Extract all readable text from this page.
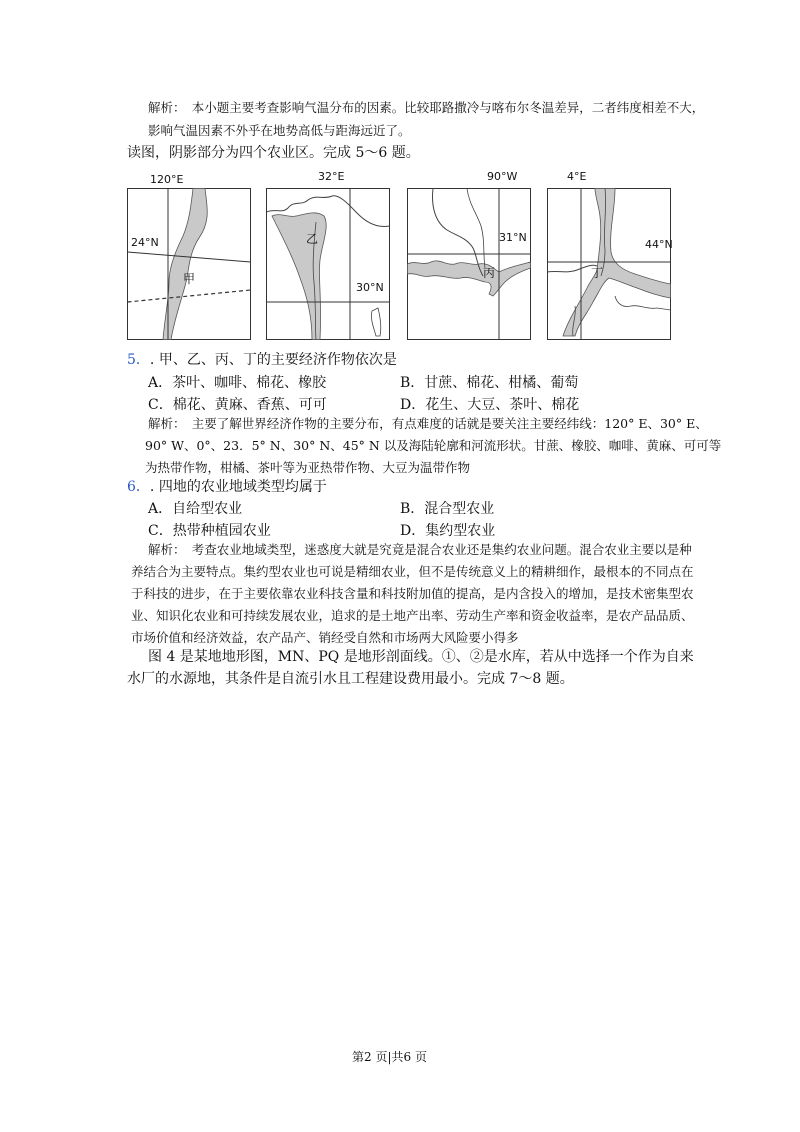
解析：　本小题主要考查影响气温分布的因素。比较耶路撒冷与喀布尔冬温差异，二者纬度相差不大，
影响气温因素不外乎在地势高低与距海远近了。
读图，阴影部分为四个农业区。完成 5～6 题。
120°E
24°N
甲
32°E
30°N
乙
90°W
31°N
丙
4°E
44°N
丁
5．. 甲、乙、丙、丁的主要经济作物依次是
A．茶叶、咖啡、棉花、橡胶	B．甘蔗、棉花、柑橘、葡萄
C．棉花、黄麻、香蕉、可可	D．花生、大豆、茶叶、棉花
解析：　主要了解世界经济作物的主要分布，有点难度的话就是要关注主要经纬线：120° E、30° E、
90° W、0°、23．5° N、30° N、45° N 以及海陆轮廓和河流形状。甘蔗、橡胶、咖啡、黄麻、可可等
为热带作物，柑橘、茶叶等为亚热带作物、大豆为温带作物
6．. 四地的农业地域类型均属于
A．自给型农业	B．混合型农业
C．热带种植园农业	D．集约型农业
解析：　考查农业地域类型，迷惑度大就是究竟是混合农业还是集约农业问题。混合农业主要以是种
养结合为主要特点。集约型农业也可说是精细农业，但不是传统意义上的精耕细作，最根本的不同点在
于科技的进步，在于主要依靠农业科技含量和科技附加值的提高，是内含投入的增加，是技术密集型农
业、知识化农业和可持续发展农业，追求的是土地产出率、劳动生产率和资金收益率，是农产品品质、
市场价值和经济效益，农产品产、销经受自然和市场两大风险要小得多
图 4 是某地地形图，MN、PQ 是地形剖面线。①、②是水库，若从中选择一个作为自来
水厂的水源地，其条件是自流引水且工程建设费用最小。完成 7～8 题。
第2 页|共6 页
